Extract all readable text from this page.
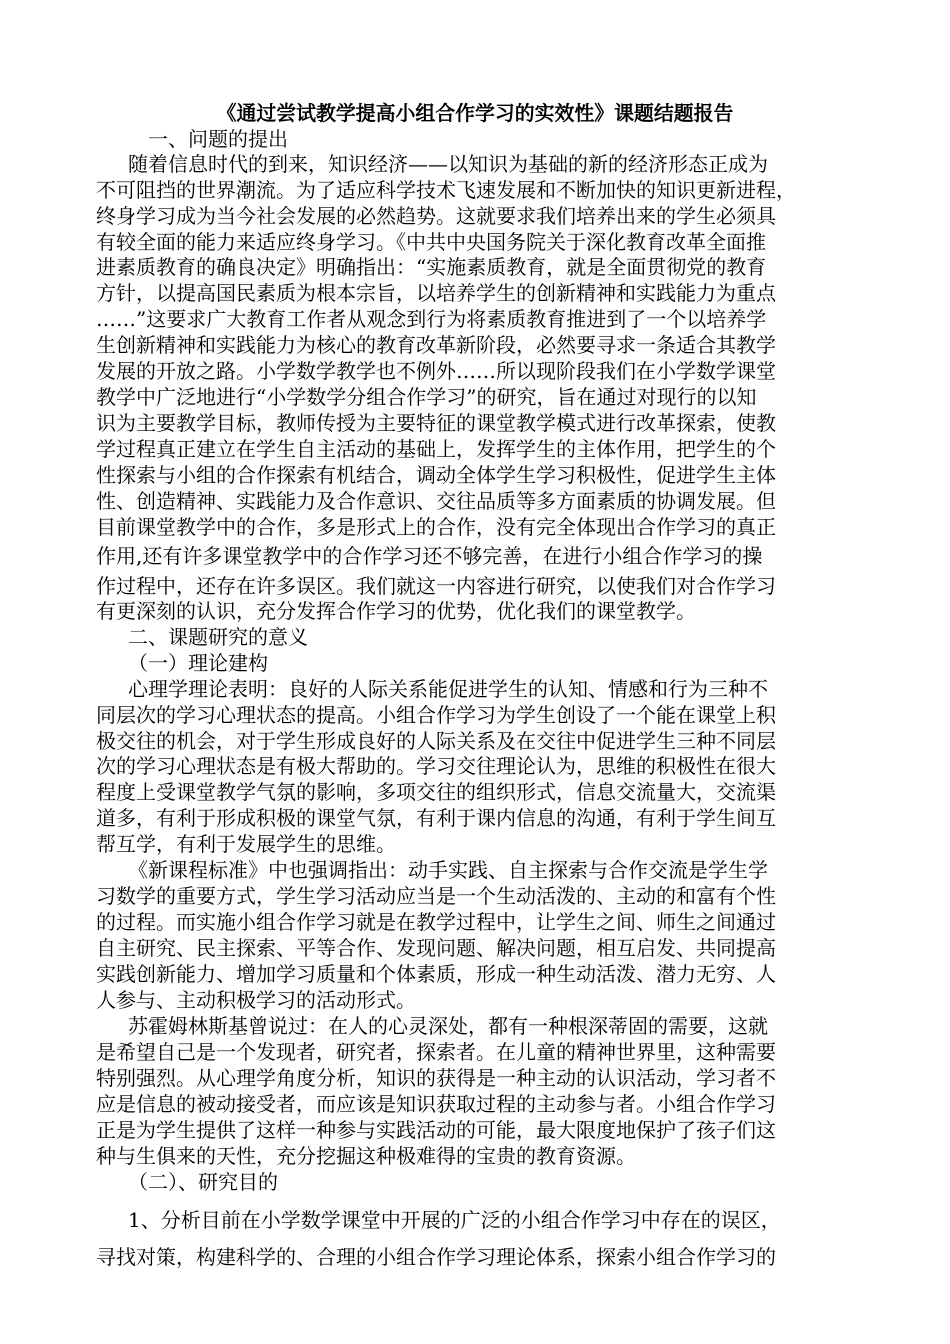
《通过尝试教学提高小组合作学习的实效性》课题结题报告
一、问题的提出
随着信息时代的到来，知识经济——以知识为基础的新的经济形态正成为
不可阻挡的世界潮流。为了适应科学技术飞速发展和不断加快的知识更新进程，
终身学习成为当今社会发展的必然趋势。这就要求我们培养出来的学生必须具
有较全面的能力来适应终身学习。《中共中央国务院关于深化教育改革全面推
进素质教育的确良决定》明确指出：“实施素质教育，就是全面贯彻党的教育
方针，以提高国民素质为根本宗旨，以培养学生的创新精神和实践能力为重点
……”这要求广大教育工作者从观念到行为将素质教育推进到了一个以培养学
生创新精神和实践能力为核心的教育改革新阶段，必然要寻求一条适合其教学
发展的开放之路。小学数学教学也不例外……所以现阶段我们在小学数学课堂
教学中广泛地进行“小学数学分组合作学习”的研究，旨在通过对现行的以知
识为主要教学目标，教师传授为主要特征的课堂教学模式进行改革探索，使教
学过程真正建立在学生自主活动的基础上，发挥学生的主体作用，把学生的个
性探索与小组的合作探索有机结合，调动全体学生学习积极性，促进学生主体
性、创造精神、实践能力及合作意识、交往品质等多方面素质的协调发展。但
目前课堂教学中的合作，多是形式上的合作，没有完全体现出合作学习的真正
作用,还有许多课堂教学中的合作学习还不够完善，在进行小组合作学习的操
作过程中，还存在许多误区。我们就这一内容进行研究，以使我们对合作学习
有更深刻的认识，充分发挥合作学习的优势，优化我们的课堂教学。
二、课题研究的意义
（一）理论建构
心理学理论表明：良好的人际关系能促进学生的认知、情感和行为三种不
同层次的学习心理状态的提高。小组合作学习为学生创设了一个能在课堂上积
极交往的机会，对于学生形成良好的人际关系及在交往中促进学生三种不同层
次的学习心理状态是有极大帮助的。学习交往理论认为，思维的积极性在很大
程度上受课堂教学气氛的影响，多项交往的组织形式，信息交流量大，交流渠
道多，有利于形成积极的课堂气氛，有利于课内信息的沟通，有利于学生间互
帮互学，有利于发展学生的思维。
《新课程标准》中也强调指出：动手实践、自主探索与合作交流是学生学
习数学的重要方式，学生学习活动应当是一个生动活泼的、主动的和富有个性
的过程。而实施小组合作学习就是在教学过程中，让学生之间、师生之间通过
自主研究、民主探索、平等合作、发现问题、解决问题，相互启发、共同提高
实践创新能力、增加学习质量和个体素质，形成一种生动活泼、潜力无穷、人
人参与、主动积极学习的活动形式。
苏霍姆林斯基曾说过：在人的心灵深处，都有一种根深蒂固的需要，这就
是希望自己是一个发现者，研究者，探索者。在儿童的精神世界里，这种需要
特别强烈。从心理学角度分析，知识的获得是一种主动的认识活动，学习者不
应是信息的被动接受者，而应该是知识获取过程的主动参与者。小组合作学习
正是为学生提供了这样一种参与实践活动的可能，最大限度地保护了孩子们这
种与生俱来的天性，充分挖掘这种极难得的宝贵的教育资源。
（二）、研究目的
1、分析目前在小学数学课堂中开展的广泛的小组合作学习中存在的误区，
寻找对策，构建科学的、合理的小组合作学习理论体系，探索小组合作学习的
